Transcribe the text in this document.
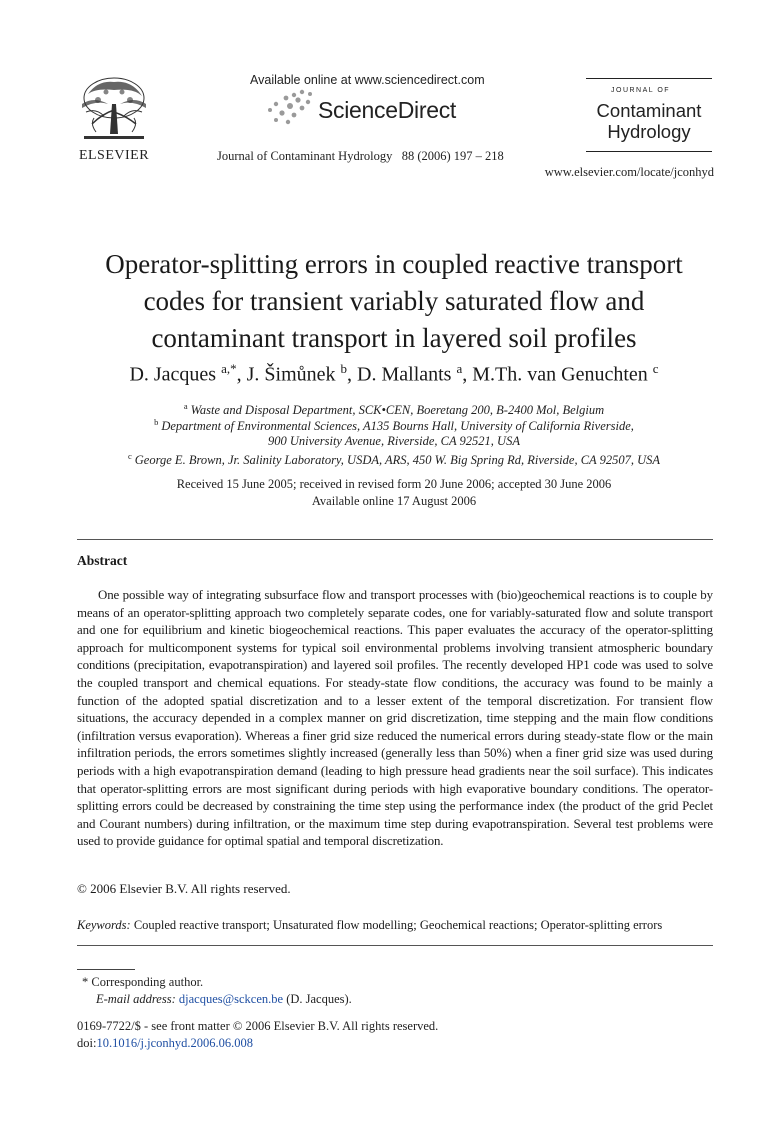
ELSEVIER
Available online at www.sciencedirect.com
ScienceDirect
Journal of Contaminant Hydrology   88 (2006) 197 – 218
JOURNAL OF
Contaminant
Hydrology
www.elsevier.com/locate/jconhyd
Operator-splitting errors in coupled reactive transport
codes for transient variably saturated flow and
contaminant transport in layered soil profiles
D. Jacques $^{a,*}$, J. Šimůnek $^b$, D. Mallants $^a$, M.Th. van Genuchten $^c$
$^a$ Waste and Disposal Department, SCK•CEN, Boeretang 200, B-2400 Mol, Belgium
$^b$ Department of Environmental Sciences, A135 Bourns Hall, University of California Riverside,
900 University Avenue, Riverside, CA 92521, USA
$^c$ George E. Brown, Jr. Salinity Laboratory, USDA, ARS, 450 W. Big Spring Rd, Riverside, CA 92507, USA
Received 15 June 2005; received in revised form 20 June 2006; accepted 30 June 2006
Available online 17 August 2006
Abstract
One possible way of integrating subsurface flow and transport processes with (bio)geochemical reactions is to couple by means of an operator-splitting approach two completely separate codes, one for variably-saturated flow and solute transport and one for equilibrium and kinetic biogeochemical reactions. This paper evaluates the accuracy of the operator-splitting approach for multicomponent systems for typical soil environmental problems involving transient atmospheric boundary conditions (precipitation, evapotranspiration) and layered soil profiles. The recently developed HP1 code was used to solve the coupled transport and chemical equations. For steady-state flow conditions, the accuracy was found to be mainly a function of the adopted spatial discretization and to a lesser extent of the temporal discretization. For transient flow situations, the accuracy depended in a complex manner on grid discretization, time stepping and the main flow conditions (infiltration versus evaporation). Whereas a finer grid size reduced the numerical errors during steady-state flow or the main infiltration periods, the errors sometimes slightly increased (generally less than 50%) when a finer grid size was used during periods with a high evapotranspiration demand (leading to high pressure head gradients near the soil surface). This indicates that operator-splitting errors are most significant during periods with high evaporative boundary conditions. The operator-splitting errors could be decreased by constraining the time step using the performance index (the product of the grid Peclet and Courant numbers) during infiltration, or the maximum time step during evapotranspiration. Several test problems were used to provide guidance for optimal spatial and temporal discretization.
© 2006 Elsevier B.V. All rights reserved.
Keywords: Coupled reactive transport; Unsaturated flow modelling; Geochemical reactions; Operator-splitting errors
* Corresponding author.
E-mail address: djacques@sckcen.be (D. Jacques).
0169-7722/$ - see front matter © 2006 Elsevier B.V. All rights reserved.
doi:10.1016/j.jconhyd.2006.06.008
